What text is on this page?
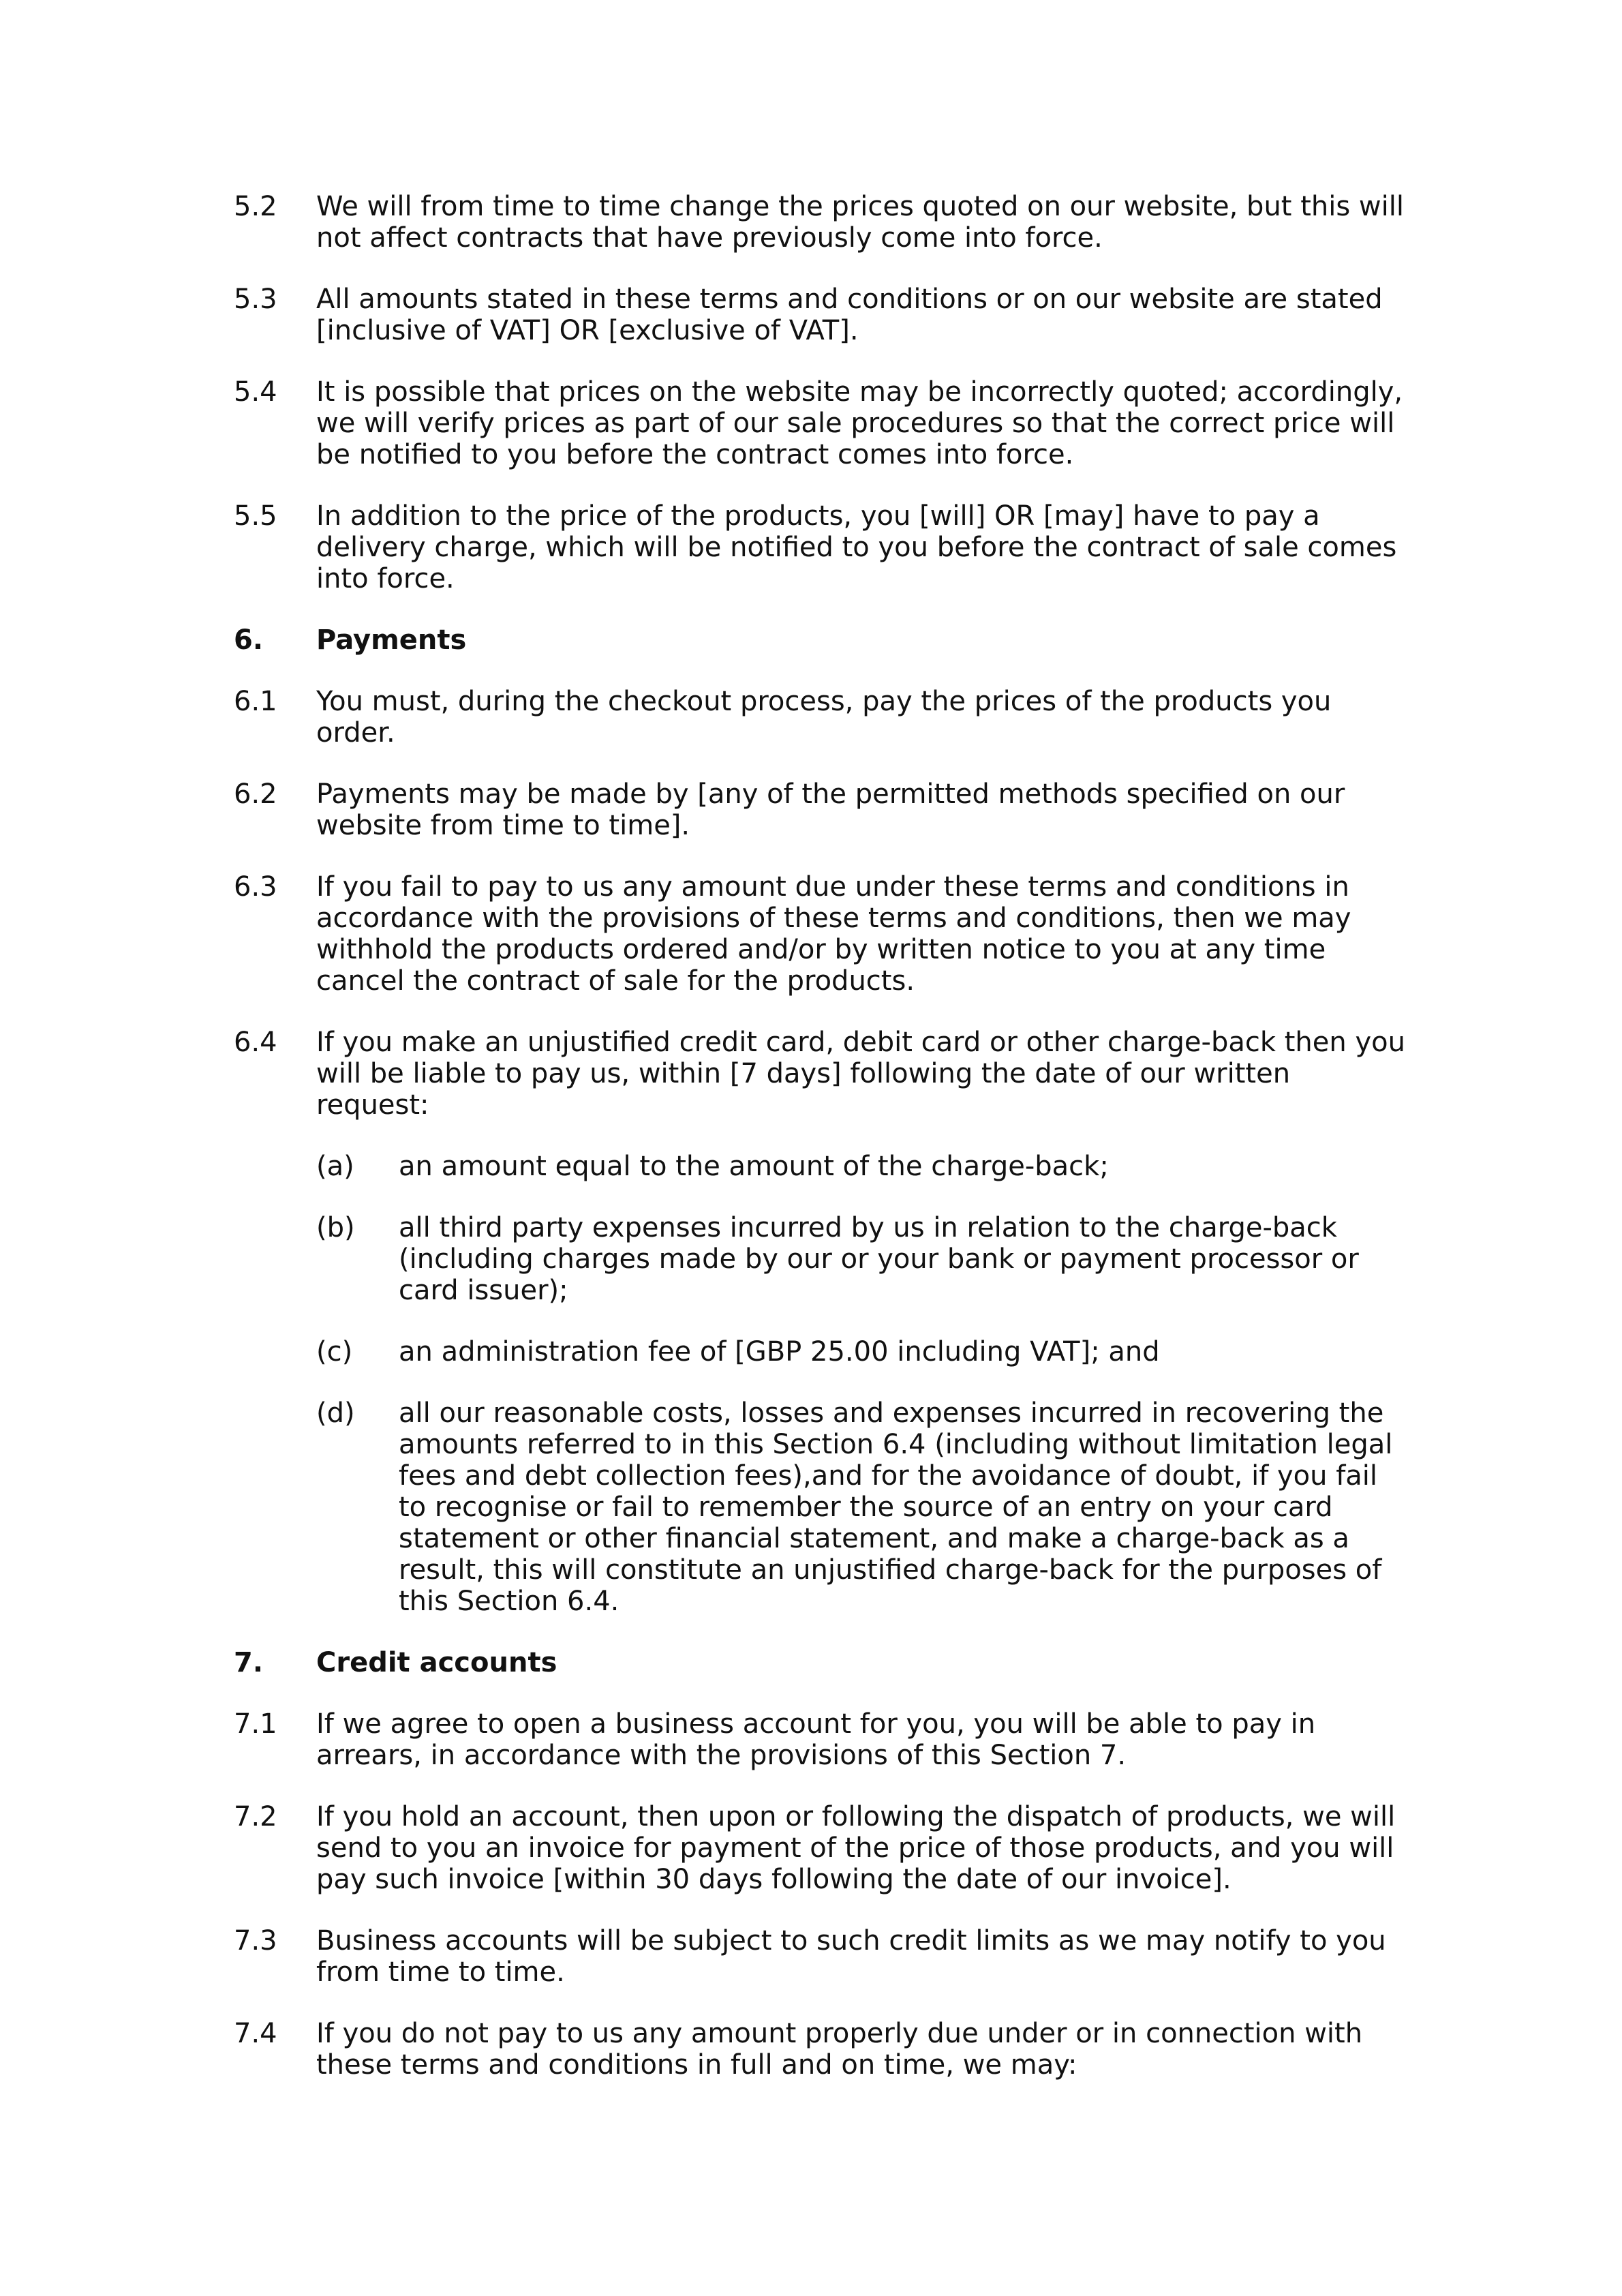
5.2 We will from time to time change the prices quoted on our website, but this will not affect contracts that have previously come into force.
5.3 All amounts stated in these terms and conditions or on our website are stated [inclusive of VAT] OR [exclusive of VAT].
5.4 It is possible that prices on the website may be incorrectly quoted; accordingly, we will verify prices as part of our sale procedures so that the correct price will be notified to you before the contract comes into force.
5.5 In addition to the price of the products, you [will] OR [may] have to pay a delivery charge, which will be notified to you before the contract of sale comes into force.
6. Payments
6.1 You must, during the checkout process, pay the prices of the products you order.
6.2 Payments may be made by [any of the permitted methods specified on our website from time to time].
6.3 If you fail to pay to us any amount due under these terms and conditions in accordance with the provisions of these terms and conditions, then we may withhold the products ordered and/or by written notice to you at any time cancel the contract of sale for the products.
6.4 If you make an unjustified credit card, debit card or other charge-back then you will be liable to pay us, within [7 days] following the date of our written request:
(a) an amount equal to the amount of the charge-back;
(b) all third party expenses incurred by us in relation to the charge-back (including charges made by our or your bank or payment processor or card issuer);
(c) an administration fee of [GBP 25.00 including VAT]; and
(d) all our reasonable costs, losses and expenses incurred in recovering the amounts referred to in this Section 6.4 (including without limitation legal fees and debt collection fees),and for the avoidance of doubt, if you fail to recognise or fail to remember the source of an entry on your card statement or other financial statement, and make a charge-back as a result, this will constitute an unjustified charge-back for the purposes of this Section 6.4.
7. Credit accounts
7.1 If we agree to open a business account for you, you will be able to pay in arrears, in accordance with the provisions of this Section 7.
7.2 If you hold an account, then upon or following the dispatch of products, we will send to you an invoice for payment of the price of those products, and you will pay such invoice [within 30 days following the date of our invoice].
7.3 Business accounts will be subject to such credit limits as we may notify to you from time to time.
7.4 If you do not pay to us any amount properly due under or in connection with these terms and conditions in full and on time, we may:
